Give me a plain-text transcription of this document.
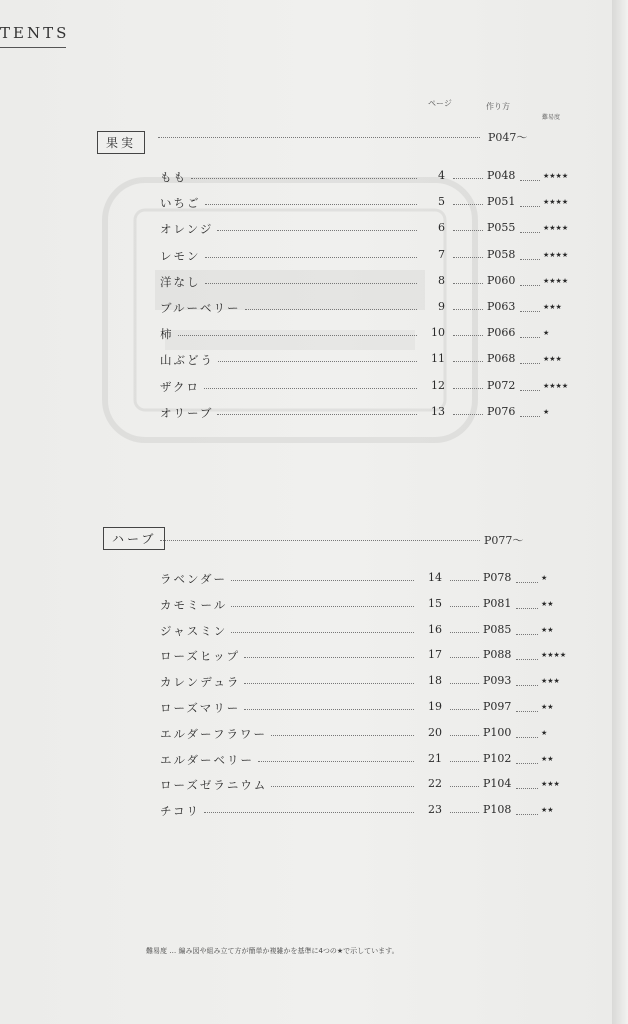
TENTS
ページ	作り方
難易度
果実	P047～
もも	4	P048	★★★★
いちご	5	P051	★★★★
オレンジ	6	P055	★★★★
レモン	7	P058	★★★★
洋なし	8	P060	★★★★
ブルーベリー	9	P063	★★★
柿	10	P066	★
山ぶどう	11	P068	★★★
ザクロ	12	P072	★★★★
オリーブ	13	P076	★
ハーブ	P077～
ラベンダー	14	P078	★
カモミール	15	P081	★★
ジャスミン	16	P085	★★
ローズヒップ	17	P088	★★★★
カレンデュラ	18	P093	★★★
ローズマリー	19	P097	★★
エルダーフラワー	20	P100	★
エルダーベリー	21	P102	★★
ローズゼラニウム	22	P104	★★★
チコリ	23	P108	★★
難易度 … 編み図や組み立て方が簡単か複雑かを基準に4つの★で示しています。
